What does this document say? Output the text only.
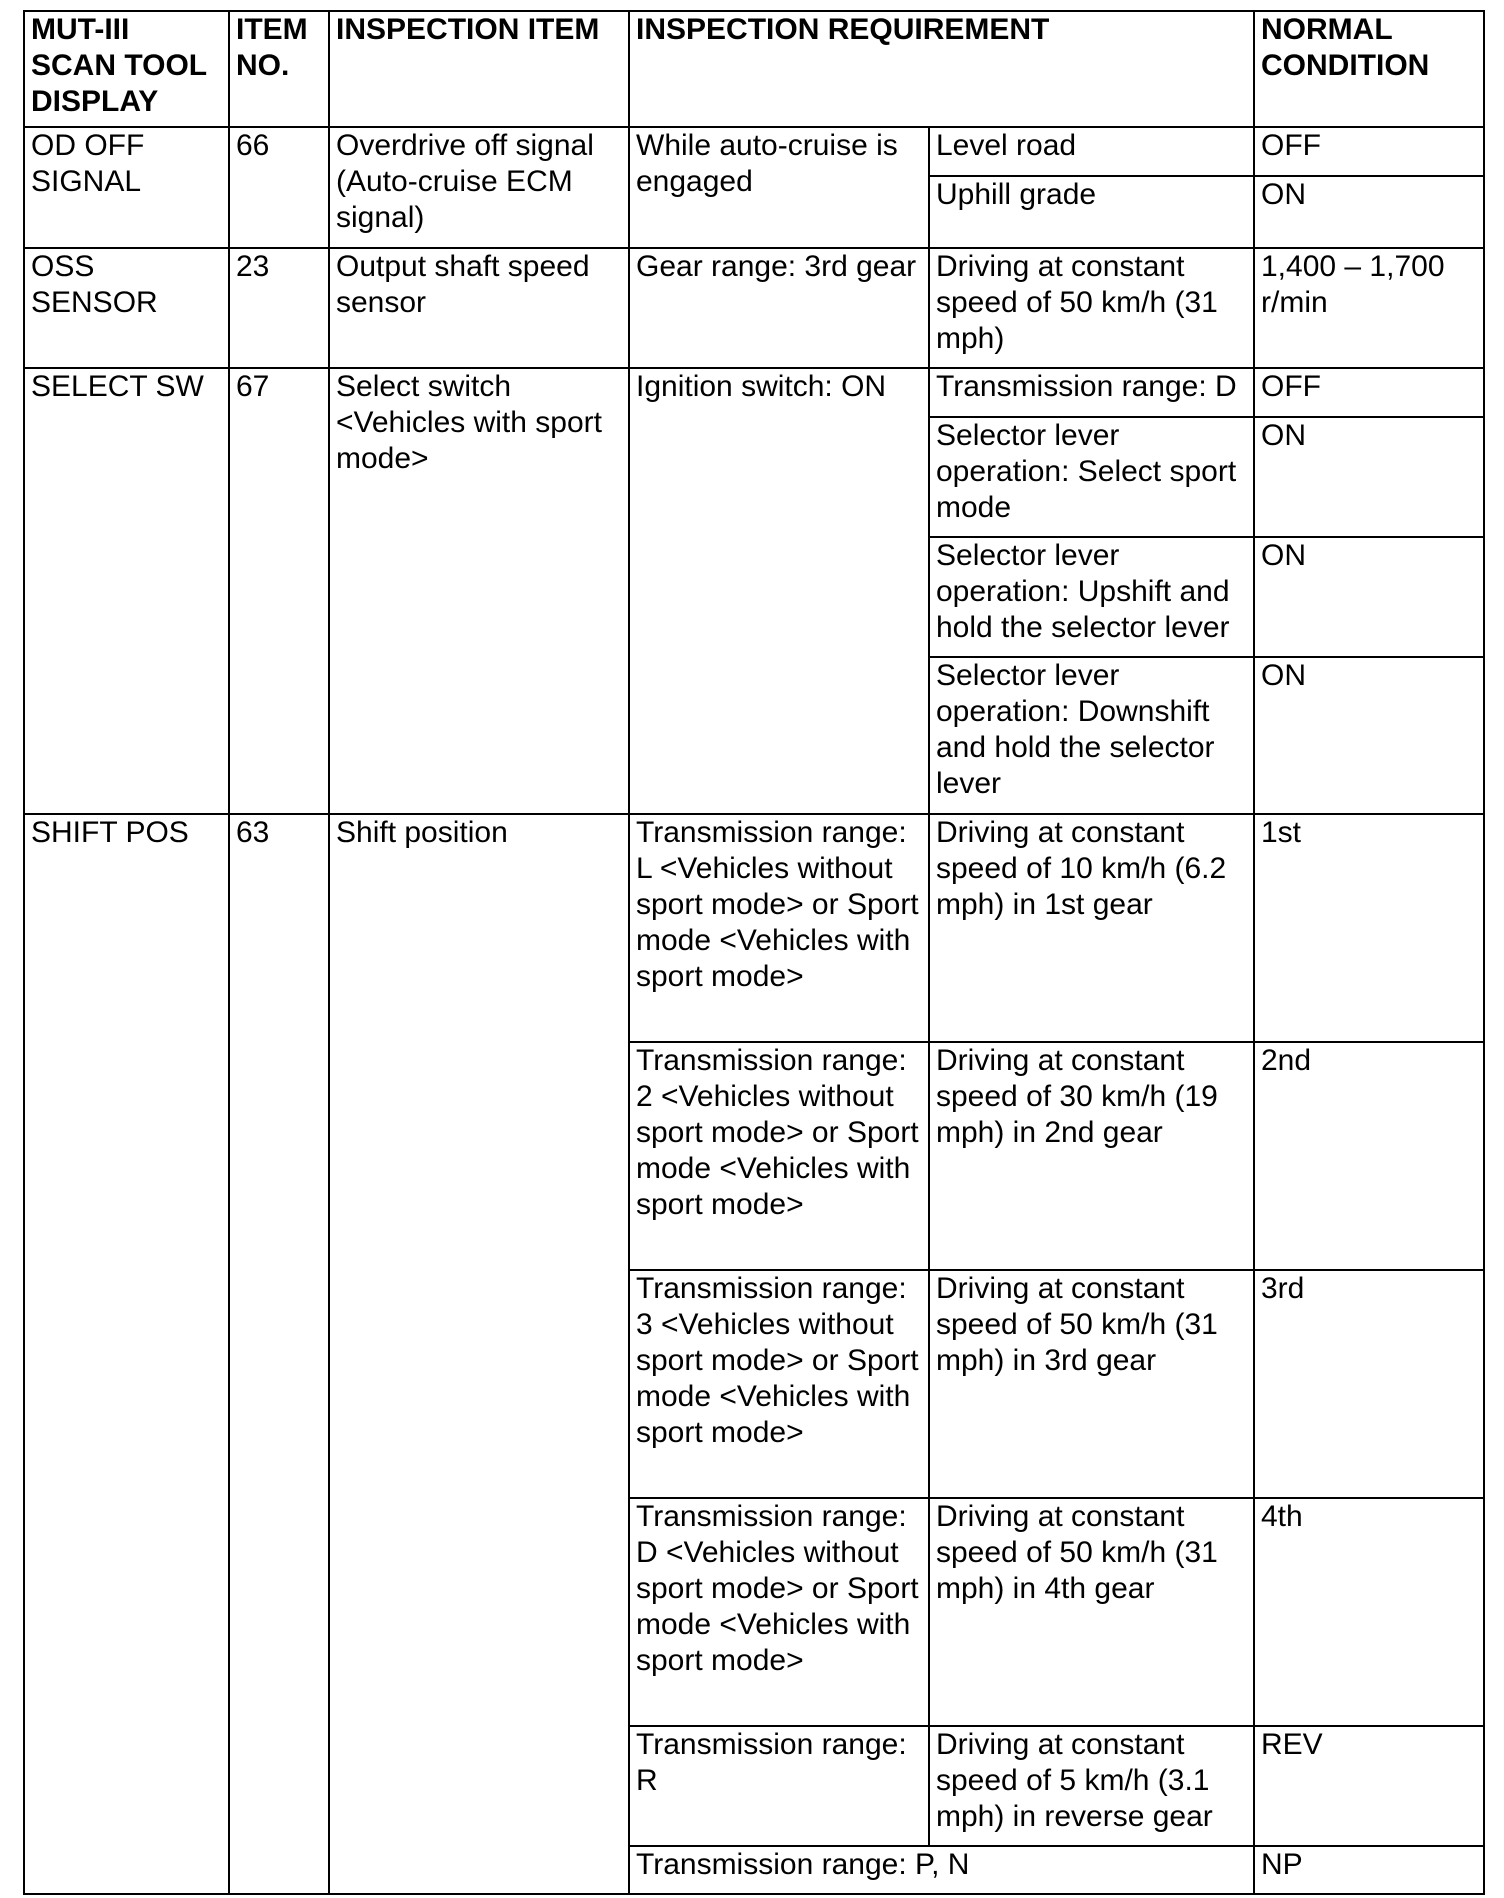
MUT-III SCAN TOOL DISPLAY	ITEM NO.	INSPECTION ITEM	INSPECTION REQUIREMENT		NORMAL CONDITION
OD OFF SIGNAL	66	Overdrive off signal (Auto-cruise ECM signal)	While auto-cruise is engaged	Level road	OFF
				Uphill grade	ON
OSS SENSOR	23	Output shaft speed sensor	Gear range: 3rd gear	Driving at constant speed of 50 km/h (31 mph)	1,400 – 1,700 r/min
SELECT SW	67	Select switch <Vehicles with sport mode>	Ignition switch: ON	Transmission range: D	OFF
				Selector lever operation: Select sport mode	ON
				Selector lever operation: Upshift and hold the selector lever	ON
				Selector lever operation: Downshift and hold the selector lever	ON
SHIFT POS	63	Shift position	Transmission range: L <Vehicles without sport mode> or Sport mode <Vehicles with sport mode>	Driving at constant speed of 10 km/h (6.2 mph) in 1st gear	1st
			Transmission range: 2 <Vehicles without sport mode> or Sport mode <Vehicles with sport mode>	Driving at constant speed of 30 km/h (19 mph) in 2nd gear	2nd
			Transmission range: 3 <Vehicles without sport mode> or Sport mode <Vehicles with sport mode>	Driving at constant speed of 50 km/h (31 mph) in 3rd gear	3rd
			Transmission range: D <Vehicles without sport mode> or Sport mode <Vehicles with sport mode>	Driving at constant speed of 50 km/h (31 mph) in 4th gear	4th
			Transmission range: R	Driving at constant speed of 5 km/h (3.1 mph) in reverse gear	REV
			Transmission range: P, N		NP
